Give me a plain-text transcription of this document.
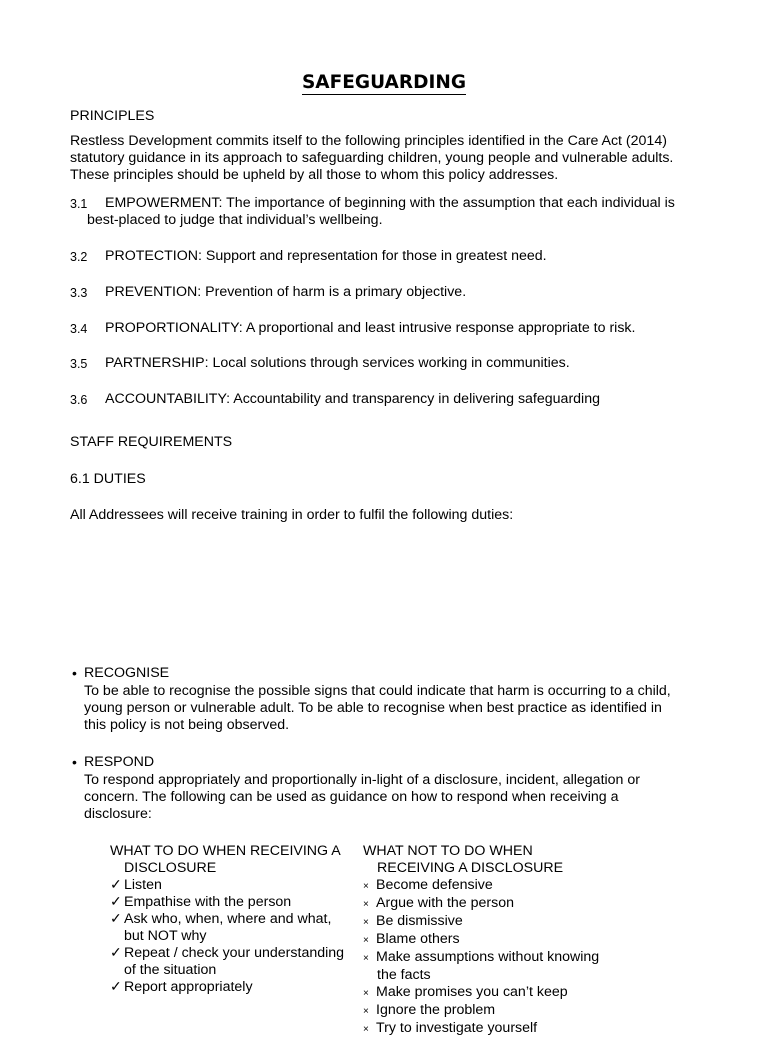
SAFEGUARDING
PRINCIPLES
Restless Development commits itself to the following principles identified in the Care Act (2014)
statutory guidance in its approach to safeguarding children, young people and vulnerable adults.
These principles should be upheld by all those to whom this policy addresses.
3.1	EMPOWERMENT: The importance of beginning with the assumption that each individual is
best-placed to judge that individual’s wellbeing.
3.2	PROTECTION: Support and representation for those in greatest need.
3.3	PREVENTION: Prevention of harm is a primary objective.
3.4	PROPORTIONALITY: A proportional and least intrusive response appropriate to risk.
3.5	PARTNERSHIP: Local solutions through services working in communities.
3.6	ACCOUNTABILITY: Accountability and transparency in delivering safeguarding
STAFF REQUIREMENTS
6.1 DUTIES
All Addressees will receive training in order to fulfil the following duties:
• RECOGNISE
To be able to recognise the possible signs that could indicate that harm is occurring to a child,
young person or vulnerable adult. To be able to recognise when best practice as identified in
this policy is not being observed.
• RESPOND
To respond appropriately and proportionally in-light of a disclosure, incident, allegation or
concern. The following can be used as guidance on how to respond when receiving a
disclosure:
WHAT TO DO WHEN RECEIVING A
DISCLOSURE
✓ Listen
✓ Empathise with the person
✓ Ask who, when, where and what,
but NOT why
✓ Repeat / check your understanding
of the situation
✓ Report appropriately
WHAT NOT TO DO WHEN
RECEIVING A DISCLOSURE
× Become defensive
× Argue with the person
× Be dismissive
× Blame others
× Make assumptions without knowing
the facts
× Make promises you can’t keep
× Ignore the problem
× Try to investigate yourself
